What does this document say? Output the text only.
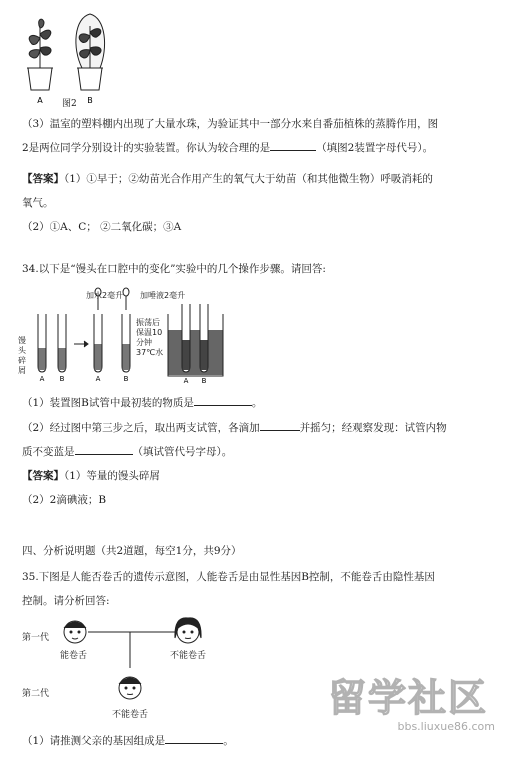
A	B
图2
（3）温室的塑料棚内出现了大量水珠，为验证其中一部分水来自番茄植株的蒸腾作用，图
2是两位同学分别设计的实验装置。你认为较合理的是	（填图2装置字母代号）。
【答案】（1）①早于；②幼苗光合作用产生的氧气大于幼苗（和其他微生物）呼吸消耗的
氧气。
（2）①A、C； ②二氧化碳；③A
34.以下是“馒头在口腔中的变化”实验中的几个操作步骤。请回答:
A B	A	B	A B
馒头碎屑
加水2毫升 加唾液2毫升
振荡后保温10分钟37℃水
（1）装置图B试管中最初装的物质是	。
（2）经过图中第三步之后，取出两支试管，各滴加	并摇匀；经观察发现：试管内物
质不变蓝是	（填试管代号字母）。
【答案】（1）等量的馒头碎屑
（2）2滴碘液；B
四、分析说明题（共2道题，每空1分，共9分）
35.下图是人能否卷舌的遗传示意图，人能卷舌是由显性基因B控制，不能卷舌由隐性基因
控制。请分析回答:
第一代
第二代
能卷舌	不能卷舌
不能卷舌
（1）请推测父亲的基因组成是	。
留学社区
bbs.liuxue86.com
